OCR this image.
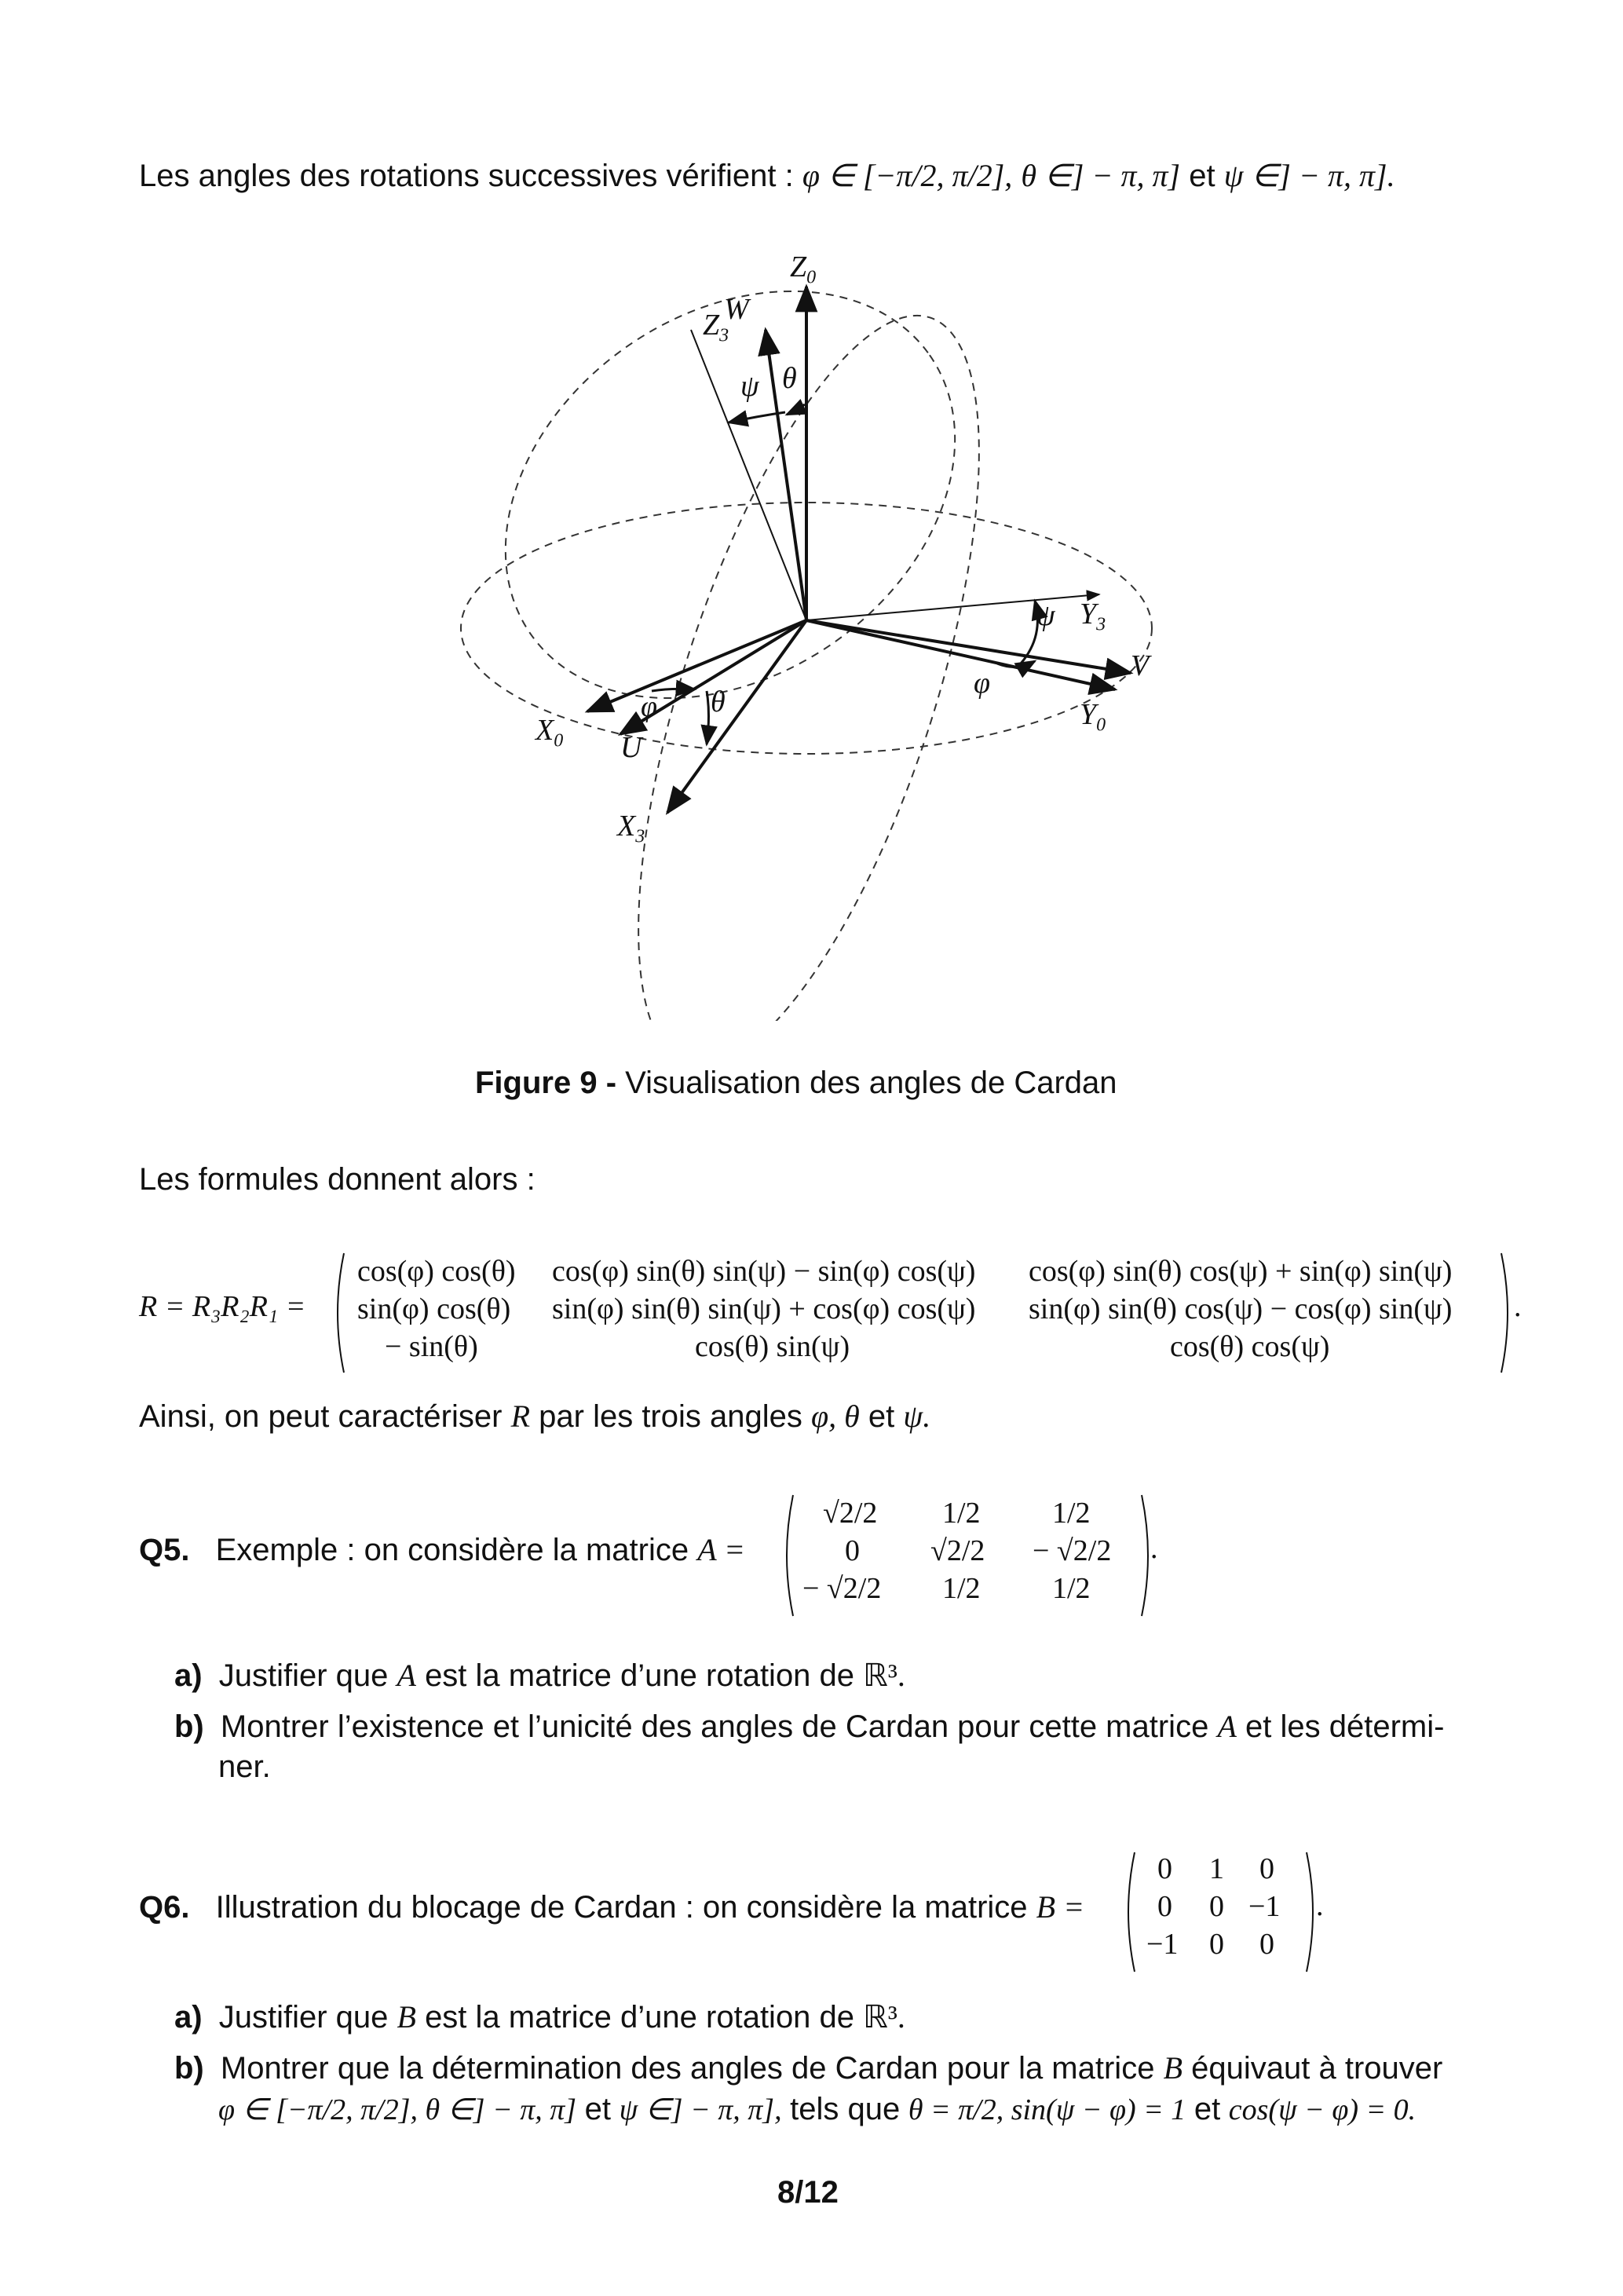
Les angles des rotations successives vérifient : φ ∈ [−π/2, π/2], θ ∈] − π, π] et ψ ∈] − π, π].
$Z_0$
$Z_3$
W
ψ θ
$Y_3$
ψ
V
φ
$Y_0$
$X_0$
φ θ
U
$X_3$
Figure 9 - Visualisation des angles de Cardan
Les formules donnent alors :
R = R₃R₂R₁ =
cos(φ) cos(θ) cos(φ) sin(θ) sin(ψ) − sin(φ) cos(ψ) cos(φ) sin(θ) cos(ψ) + sin(φ) sin(ψ)
sin(φ) cos(θ) sin(φ) sin(θ) sin(ψ) + cos(φ) cos(ψ) sin(φ) sin(θ) cos(ψ) − cos(φ) sin(ψ)
− sin(θ)	cos(θ) sin(ψ)	cos(θ) cos(ψ)
.
Ainsi, on peut caractériser R par les trois angles φ, θ et ψ.
Q5. Exemple : on considère la matrice A =
√2/2 1/2 1/2
0 √2/2 − √2/2
− √2/2 1/2 1/2
.
a) Justifier que A est la matrice d’une rotation de ℝ³.
b) Montrer l’existence et l’unicité des angles de Cardan pour cette matrice A et les détermi-
ner.
Q6. Illustration du blocage de Cardan : on considère la matrice B =
0 1 0
0 0 −1
−1 0 0
.
a) Justifier que B est la matrice d’une rotation de ℝ³.
b) Montrer que la détermination des angles de Cardan pour la matrice B équivaut à trouver
φ ∈ [−π/2, π/2], θ ∈] − π, π] et ψ ∈] − π, π], tels que θ = π/2, sin(ψ − φ) = 1 et cos(ψ − φ) = 0.
8/12
